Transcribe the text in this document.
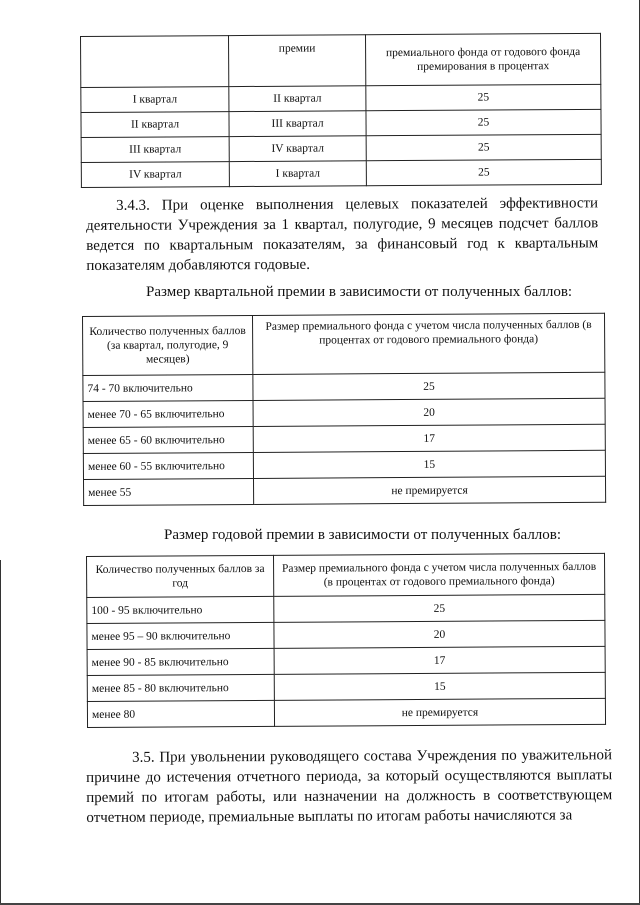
	премии	премиального фонда от годового фонда премирования в процентах
I квартал	II квартал	25
II квартал	III квартал	25
III квартал	IV квартал	25
IV квартал	I квартал	25
3.4.3. При оценке выполнения целевых показателей эффективности деятельности Учреждения за 1 квартал, полугодие, 9 месяцев подсчет баллов ведется по квартальным показателям, за финансовый год к квартальным показателям добавляются годовые.
Размер квартальной премии в зависимости от полученных баллов:
Количество полученных баллов (за квартал, полугодие, 9 месяцев)	Размер премиального фонда с учетом числа полученных баллов (в процентах от годового премиального фонда)
74 - 70 включительно	25
менее 70 - 65 включительно	20
менее 65 - 60 включительно	17
менее 60 - 55 включительно	15
менее 55	не премируется
Размер годовой премии в зависимости от полученных баллов:
Количество полученных баллов за год	Размер премиального фонда с учетом числа полученных баллов (в процентах от годового премиального фонда)
100 - 95 включительно	25
менее 95 – 90 включительно	20
менее 90 - 85 включительно	17
менее 85 - 80 включительно	15
менее 80	не премируется
3.5. При увольнении руководящего состава Учреждения по уважительной причине до истечения отчетного периода, за который осуществляются выплаты премий по итогам работы, или назначении на должность в соответствующем отчетном периоде, премиальные выплаты по итогам работы начисляются за
